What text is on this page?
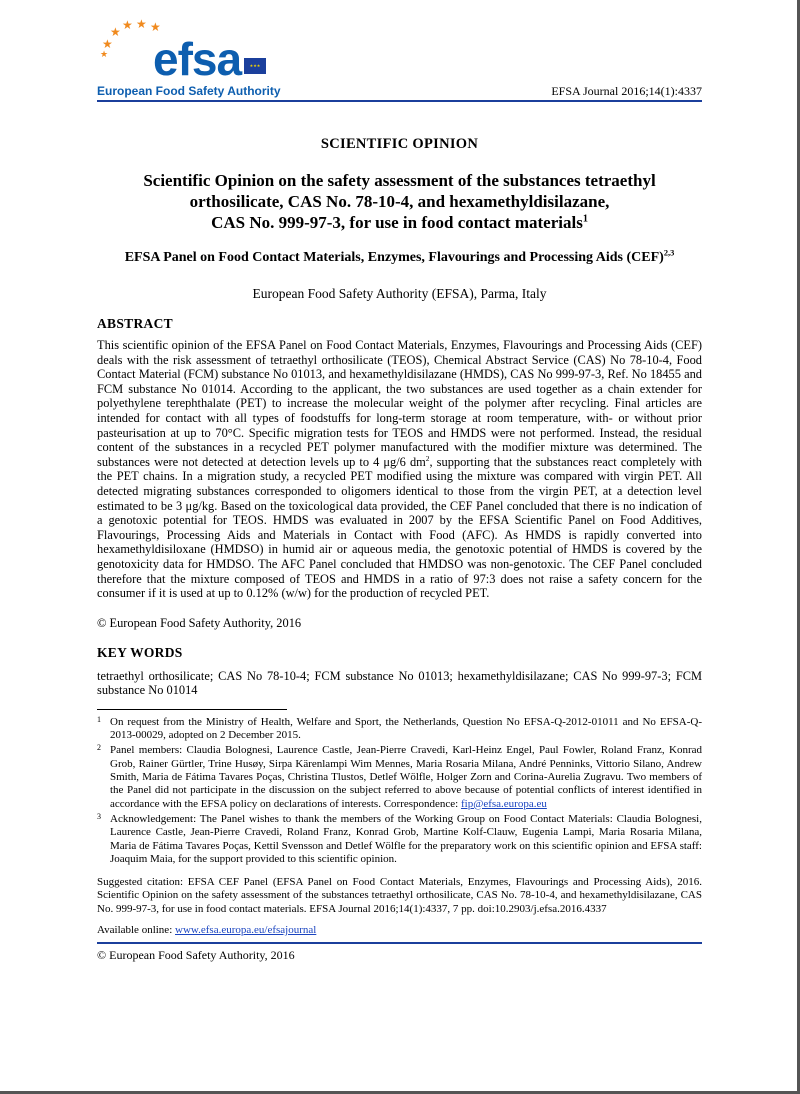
★
★ ★ ★ ★
★ efsa	★★★
European Food Safety Authority	EFSA Journal 2016;14(1):4337
SCIENTIFIC OPINION
Scientific Opinion on the safety assessment of the substances tetraethyl
orthosilicate, CAS No. 78-10-4, and hexamethyldisilazane,
CAS No. 999-97-3, for use in food contact materials$^1$
EFSA Panel on Food Contact Materials, Enzymes, Flavourings and Processing Aids (CEF)$^{2,3}$
European Food Safety Authority (EFSA), Parma, Italy
ABSTRACT
This scientific opinion of the EFSA Panel on Food Contact Materials, Enzymes, Flavourings and Processing Aids (CEF) deals with the risk assessment of tetraethyl orthosilicate (TEOS), Chemical Abstract Service (CAS) No 78-10-4, Food Contact Material (FCM) substance No 01013, and hexamethyldisilazane (HMDS), CAS No 999-97-3, Ref. No 18455 and FCM substance No 01014. According to the applicant, the two substances are used together as a chain extender for polyethylene terephthalate (PET) to increase the molecular weight of the polymer after recycling. Final articles are intended for contact with all types of foodstuffs for long-term storage at room temperature, with- or without prior pasteurisation at up to 70°C. Specific migration tests for TEOS and HMDS were not performed. Instead, the residual content of the substances in a recycled PET polymer manufactured with the modifier mixture was determined. The substances were not detected at detection levels up to 4 μg/6 $dm^2$, supporting that the substances react completely with the PET chains. In a migration study, a recycled PET modified using the mixture was compared with virgin PET. All detected migrating substances corresponded to oligomers identical to those from the virgin PET, at a detection level estimated to be 3 μg/kg. Based on the toxicological data provided, the CEF Panel concluded that there is no indication of a genotoxic potential for TEOS. HMDS was evaluated in 2007 by the EFSA Scientific Panel on Food Additives, Flavourings, Processing Aids and Materials in Contact with Food (AFC). As HMDS is rapidly converted into hexamethyldisiloxane (HMDSO) in humid air or aqueous media, the genotoxic potential of HMDS is covered by the genotoxicity data for HMDSO. The AFC Panel concluded that HMDSO was non-genotoxic. The CEF Panel concluded therefore that the mixture composed of TEOS and HMDS in a ratio of 97:3 does not raise a safety concern for the consumer if it is used at up to 0.12% (w/w) for the production of recycled PET.
© European Food Safety Authority, 2016
KEY WORDS
tetraethyl orthosilicate; CAS No 78-10-4; FCM substance No 01013; hexamethyldisilazane; CAS No 999-97-3; FCM substance No 01014
1 On request from the Ministry of Health, Welfare and Sport, the Netherlands, Question No EFSA-Q-2012-01011 and No EFSA-Q-2013-00029, adopted on 2 December 2015.
2 Panel members: Claudia Bolognesi, Laurence Castle, Jean-Pierre Cravedi, Karl-Heinz Engel, Paul Fowler, Roland Franz, Konrad Grob, Rainer Gürtler, Trine Husøy, Sirpa Kärenlampi Wim Mennes, Maria Rosaria Milana, André Penninks, Vittorio Silano, Andrew Smith, Maria de Fátima Tavares Poças, Christina Tlustos, Detlef Wölfle, Holger Zorn and Corina-Aurelia Zugravu. Two members of the Panel did not participate in the discussion on the subject referred to above because of potential conflicts of interest identified in accordance with the EFSA policy on declarations of interests. Correspondence: fip@efsa.europa.eu
3 Acknowledgement: The Panel wishes to thank the members of the Working Group on Food Contact Materials: Claudia Bolognesi, Laurence Castle, Jean-Pierre Cravedi, Roland Franz, Konrad Grob, Martine Kolf-Clauw, Eugenia Lampi, Maria Rosaria Milana, Maria de Fátima Tavares Poças, Kettil Svensson and Detlef Wölfle for the preparatory work on this scientific opinion and EFSA staff: Joaquim Maia, for the support provided to this scientific opinion.
Suggested citation: EFSA CEF Panel (EFSA Panel on Food Contact Materials, Enzymes, Flavourings and Processing Aids), 2016. Scientific Opinion on the safety assessment of the substances tetraethyl orthosilicate, CAS No. 78-10-4, and hexamethyldisilazane, CAS No. 999-97-3, for use in food contact materials. EFSA Journal 2016;14(1):4337, 7 pp. doi:10.2903/j.efsa.2016.4337
Available online: www.efsa.europa.eu/efsajournal
© European Food Safety Authority, 2016
